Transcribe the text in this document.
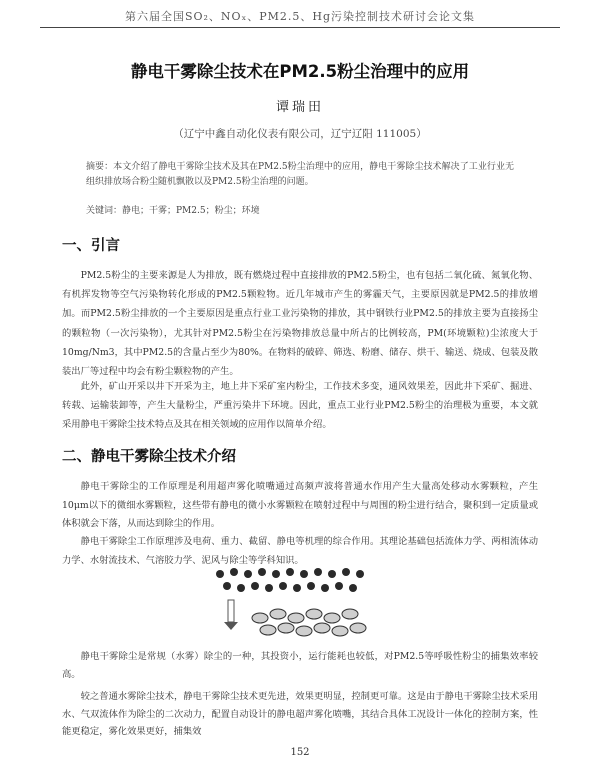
第六届全国SO₂、NOₓ、PM2.5、Hg污染控制技术研讨会论文集
静电干雾除尘技术在PM2.5粉尘治理中的应用
谭瑞田
（辽宁中鑫自动化仪表有限公司，辽宁辽阳 111005）
摘要：本文介绍了静电干雾除尘技术及其在PM2.5粉尘治理中的应用，静电干雾除尘技术解决了工业行业无组织排放场合粉尘随机飘散以及PM2.5粉尘治理的问题。
关键词：静电；干雾；PM2.5；粉尘；环境
一、引言
PM2.5粉尘的主要来源是人为排放，既有燃烧过程中直接排放的PM2.5粉尘，也有包括二氧化硫、氮氧化物、有机挥发物等空气污染物转化形成的PM2.5颗粒物。近几年城市产生的雾霾天气，主要原因就是PM2.5的排放增加。而PM2.5粉尘排放的一个主要原因是重点行业工业污染物的排放，其中钢铁行业PM2.5的排放主要为直接扬尘的颗粒物（一次污染物），尤其针对PM2.5粉尘在污染物排放总量中所占的比例较高，PM(环境颗粒)尘浓度大于10mg/Nm3，其中PM2.5的含量占至少为80%。在物料的破碎、筛选、粉磨、储存、烘干、输送、烧成、包装及散装出厂等过程中均会有粉尘颗粒物的产生。
此外，矿山开采以井下开采为主，地上井下采矿室内粉尘，工作技术多变，通风效果差，因此井下采矿、掘进、转载、运输装卸等，产生大量粉尘，严重污染井下环境。因此，重点工业行业PM2.5粉尘的治理极为重要，本文就采用静电干雾除尘技术特点及其在相关领域的应用作以简单介绍。
二、静电干雾除尘技术介绍
静电干雾除尘的工作原理是利用超声雾化喷嘴通过高频声波将普通水作用产生大量高处移动水雾颗粒，产生10μm以下的微细水雾颗粒，这些带有静电的微小水雾颗粒在喷射过程中与周围的粉尘进行结合，聚积到一定质量或体积就会下落，从而达到除尘的作用。
静电干雾除尘工作原理涉及电荷、重力、截留、静电等机理的综合作用。其理论基础包括流体力学、两相流体动力学、水射流技术、气溶胶力学、泥风与除尘等学科知识。
静电干雾除尘是常规（水雾）除尘的一种，其投资小，运行能耗也较低，对PM2.5等呼吸性粉尘的捕集效率较高。
较之普通水雾除尘技术，静电干雾除尘技术更先进，效果更明显，控制更可靠。这是由于静电干雾除尘技术采用水、气双流体作为除尘的二次动力，配置自动设计的静电超声雾化喷嘴，其结合具体工况设计一体化的控制方案，性能更稳定，雾化效果更好，捕集效
152
